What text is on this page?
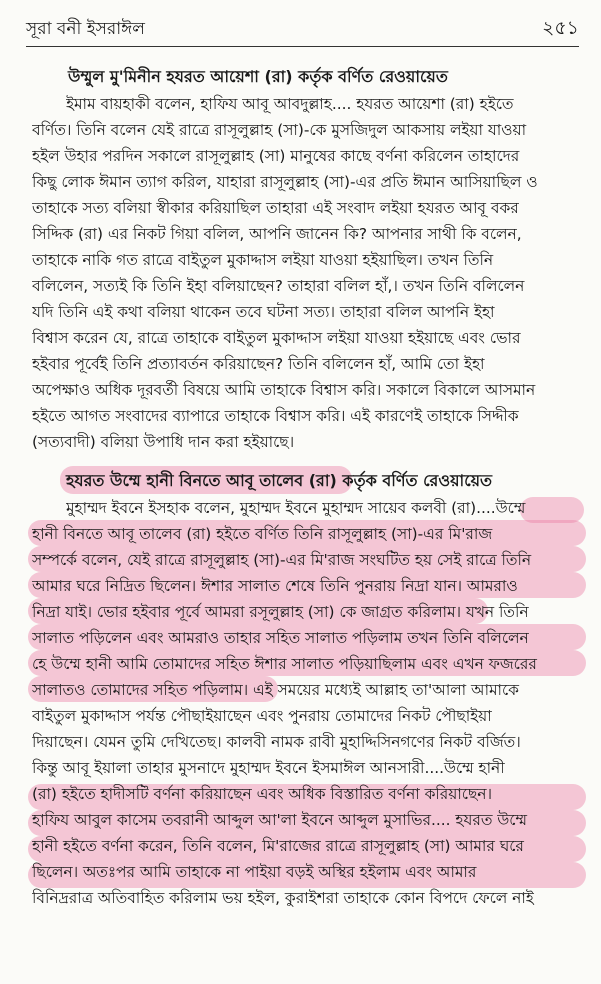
সূরা বনী ইসরাঈল	২৫১
উম্মুল মু'মিনীন হযরত আয়েশা (রা) কর্তৃক বর্ণিত রেওয়ায়েত
ইমাম বায়হাকী বলেন, হাফিয আবূ আবদুল্লাহ.... হযরত আয়েশা (রা) হইতে
বর্ণিত। তিনি বলেন যেই রাত্রে রাসূলুল্লাহ (সা)-কে মুসজিদুল আকসায় লইয়া যাওয়া
হইল উহার পরদিন সকালে রাসূলুল্লাহ (সা) মানুষের কাছে বর্ণনা করিলেন তাহাদের
কিছু লোক ঈমান ত্যাগ করিল, যাহারা রাসূলুল্লাহ (সা)-এর প্রতি ঈমান আসিয়াছিল ও
তাহাকে সত্য বলিয়া স্বীকার করিয়াছিল তাহারা এই সংবাদ লইয়া হযরত আবূ বকর
সিদ্দিক (রা) এর নিকট গিয়া বলিল, আপনি জানেন কি? আপনার সাথী কি বলেন,
তাহাকে নাকি গত রাত্রে বাইতুল মুকাদ্দাস লইয়া যাওয়া হইয়াছিল। তখন তিনি
বলিলেন, সত্যই কি তিনি ইহা বলিয়াছেন? তাহারা বলিল হাঁ,। তখন তিনি বলিলেন
যদি তিনি এই কথা বলিয়া থাকেন তবে ঘটনা সত্য। তাহারা বলিল আপনি ইহা
বিশ্বাস করেন যে, রাত্রে তাহাকে বাইতুল মুকাদ্দাস লইয়া যাওয়া হইয়াছে এবং ভোর
হইবার পূর্বেই তিনি প্রত্যাবর্তন করিয়াছেন? তিনি বলিলেন হাঁ, আমি তো ইহা
অপেক্ষাও অধিক দূরবর্তী বিষয়ে আমি তাহাকে বিশ্বাস করি। সকালে বিকালে আসমান
হইতে আগত সংবাদের ব্যাপারে তাহাকে বিশ্বাস করি। এই কারণেই তাহাকে সিদ্দীক
(সত্যবাদী) বলিয়া উপাধি দান করা হইয়াছে।
হযরত উম্মে হানী বিনতে আবূ তালেব (রা) কর্তৃক বর্ণিত রেওয়ায়েত
মুহাম্মদ ইবনে ইসহাক বলেন, মুহাম্মদ ইবনে মুহাম্মদ সায়েব কলবী (রা)....উম্মে
হানী বিনতে আবূ তালেব (রা) হইতে বর্ণিত তিনি রাসূলুল্লাহ (সা)-এর মি'রাজ
সম্পর্কে বলেন, যেই রাত্রে রাসূলুল্লাহ (সা)-এর মি'রাজ সংঘটিত হয় সেই রাত্রে তিনি
আমার ঘরে নিদ্রিত ছিলেন। ঈশার সালাত শেষে তিনি পুনরায় নিদ্রা যান। আমরাও
নিদ্রা যাই। ভোর হইবার পূর্বে আমরা রসূলুল্লাহ (সা) কে জাগ্রত করিলাম। যখন তিনি
সালাত পড়িলেন এবং আমরাও তাহার সহিত সালাত পড়িলাম তখন তিনি বলিলেন
হে উম্মে হানী আমি তোমাদের সহিত ঈশার সালাত পড়িয়াছিলাম এবং এখন ফজরের
সালাতও তোমাদের সহিত পড়িলাম। এই সময়ের মধ্যেই আল্লাহ তা'আলা আমাকে
বাইতুল মুকাদ্দাস পর্যন্ত পৌছাইয়াছেন এবং পুনরায় তোমাদের নিকট পৌছাইয়া
দিয়াছেন। যেমন তুমি দেখিতেছ। কালবী নামক রাবী মুহাদ্দিসিনগণের নিকট বর্জিত।
কিন্তু আবূ ইয়ালা তাহার মুসনাদে মুহাম্মদ ইবনে ইসমাঈল আনসারী....উম্মে হানী
(রা) হইতে হাদীসটি বর্ণনা করিয়াছেন এবং অধিক বিস্তারিত বর্ণনা করিয়াছেন।
হাফিয আবুল কাসেম তবরানী আব্দুল আ'লা ইবনে আব্দুল মুসাভির.... হযরত উম্মে
হানী হইতে বর্ণনা করেন, তিনি বলেন, মি'রাজের রাত্রে রাসূলুল্লাহ (সা) আমার ঘরে
ছিলেন। অতঃপর আমি তাহাকে না পাইয়া বড়ই অস্থির হইলাম এবং আমার
বিনিদ্ররাত্র অতিবাহিত করিলাম ভয় হইল, কুরাইশরা তাহাকে কোন বিপদে ফেলে নাই
